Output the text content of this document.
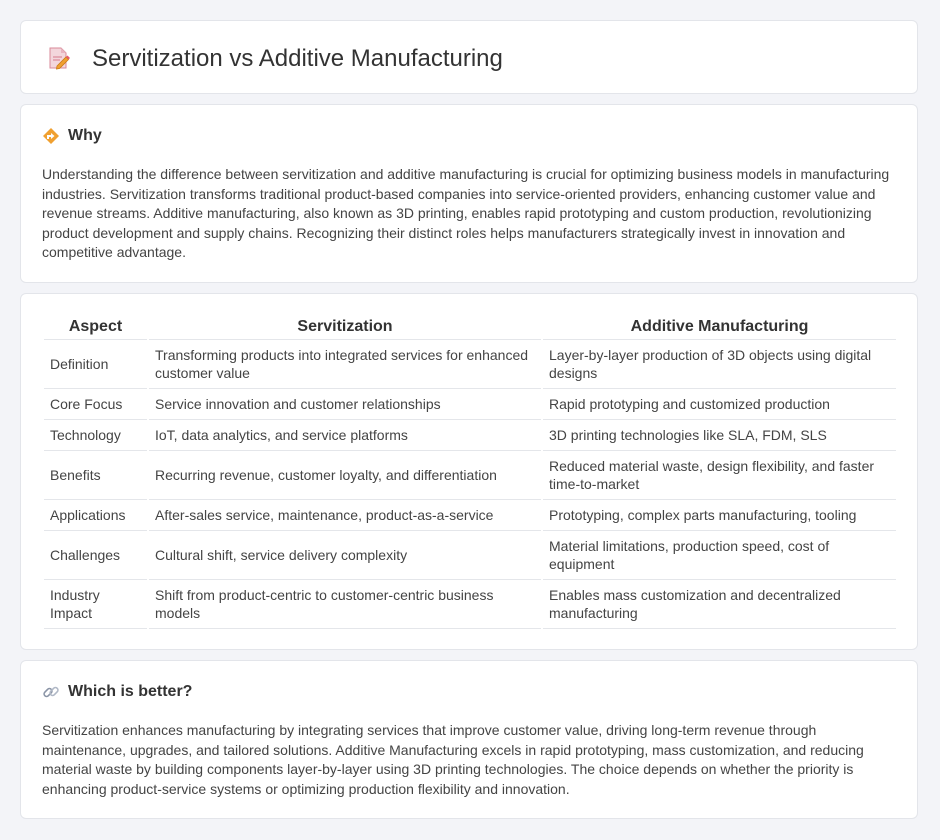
Servitization vs Additive Manufacturing
Why

Understanding the difference between servitization and additive manufacturing is crucial for optimizing business models in manufacturing industries. Servitization transforms traditional product-based companies into service-oriented providers, enhancing customer value and revenue streams. Additive manufacturing, also known as 3D printing, enables rapid prototyping and custom production, revolutionizing product development and supply chains. Recognizing their distinct roles helps manufacturers strategically invest in innovation and competitive advantage.

Aspect	Servitization	Additive Manufacturing
Definition	Transforming products into integrated services for enhanced customer value	Layer-by-layer production of 3D objects using digital designs
Core Focus	Service innovation and customer relationships	Rapid prototyping and customized production
Technology	IoT, data analytics, and service platforms	3D printing technologies like SLA, FDM, SLS
Benefits	Recurring revenue, customer loyalty, and differentiation	Reduced material waste, design flexibility, and faster time-to-market
Applications	After-sales service, maintenance, product-as-a-service	Prototyping, complex parts manufacturing, tooling
Challenges	Cultural shift, service delivery complexity	Material limitations, production speed, cost of equipment
Industry Impact	Shift from product-centric to customer-centric business models	Enables mass customization and decentralized manufacturing
Which is better?

Servitization enhances manufacturing by integrating services that improve customer value, driving long-term revenue through maintenance, upgrades, and tailored solutions. Additive Manufacturing excels in rapid prototyping, mass customization, and reducing material waste by building components layer-by-layer using 3D printing technologies. The choice depends on whether the priority is enhancing product-service systems or optimizing production flexibility and innovation.
